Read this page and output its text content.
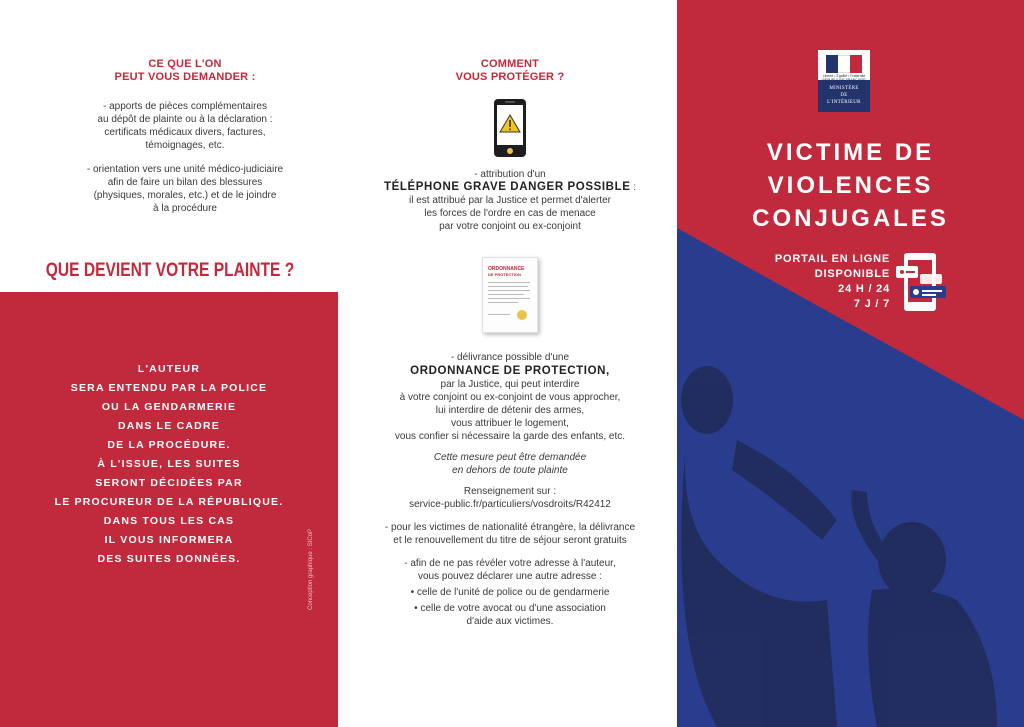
CE QUE L'ON
PEUT VOUS DEMANDER :
- apports de pièces complémentaires
au dépôt de plainte ou à la déclaration :
certificats médicaux divers, factures,
témoignages, etc.
- orientation vers une unité médico-judiciaire
afin de faire un bilan des blessures
(physiques, morales, etc.) et de le joindre
à la procédure
QUE DEVIENT VOTRE PLAINTE ?
L'AUTEUR
SERA ENTENDU PAR LA POLICE
OU LA GENDARMERIE
DANS LE CADRE
DE LA PROCÉDURE.
À L'ISSUE, LES SUITES
SERONT DÉCIDÉES PAR
LE PROCUREUR DE LA RÉPUBLIQUE.
DANS TOUS LES CAS
IL VOUS INFORMERA
DES SUITES DONNÉES.	Conception graphique : SICoP
COMMENT
VOUS PROTÉGER ?
- attribution d'un
TÉLÉPHONE GRAVE DANGER POSSIBLE :
il est attribué par la Justice et permet d'alerter
les forces de l'ordre en cas de menace
par votre conjoint ou ex-conjoint
ORDONNANCE
DE PROTECTION
- délivrance possible d'une
ORDONNANCE DE PROTECTION,
par la Justice, qui peut interdire
à votre conjoint ou ex-conjoint de vous approcher,
lui interdire de détenir des armes,
vous attribuer le logement,
vous confier si nécessaire la garde des enfants, etc.
Cette mesure peut être demandée
en dehors de toute plainte
Renseignement sur :
service-public.fr/particuliers/vosdroits/R42412
- pour les victimes de nationalité étrangère, la délivrance
et le renouvellement du titre de séjour seront gratuits
- afin de ne pas révéler votre adresse à l'auteur,
vous pouvez déclarer une autre adresse :
• celle de l'unité de police ou de gendarmerie
• celle de votre avocat ou d'une association
d'aide aux victimes.
Liberté • Égalité • Fraternité
MINISTÈRE
DE
L'INTÉRIEUR
VICTIME DE
VIOLENCES
CONJUGALES
PORTAIL EN LIGNE
DISPONIBLE
24 H / 24
7 J / 7
